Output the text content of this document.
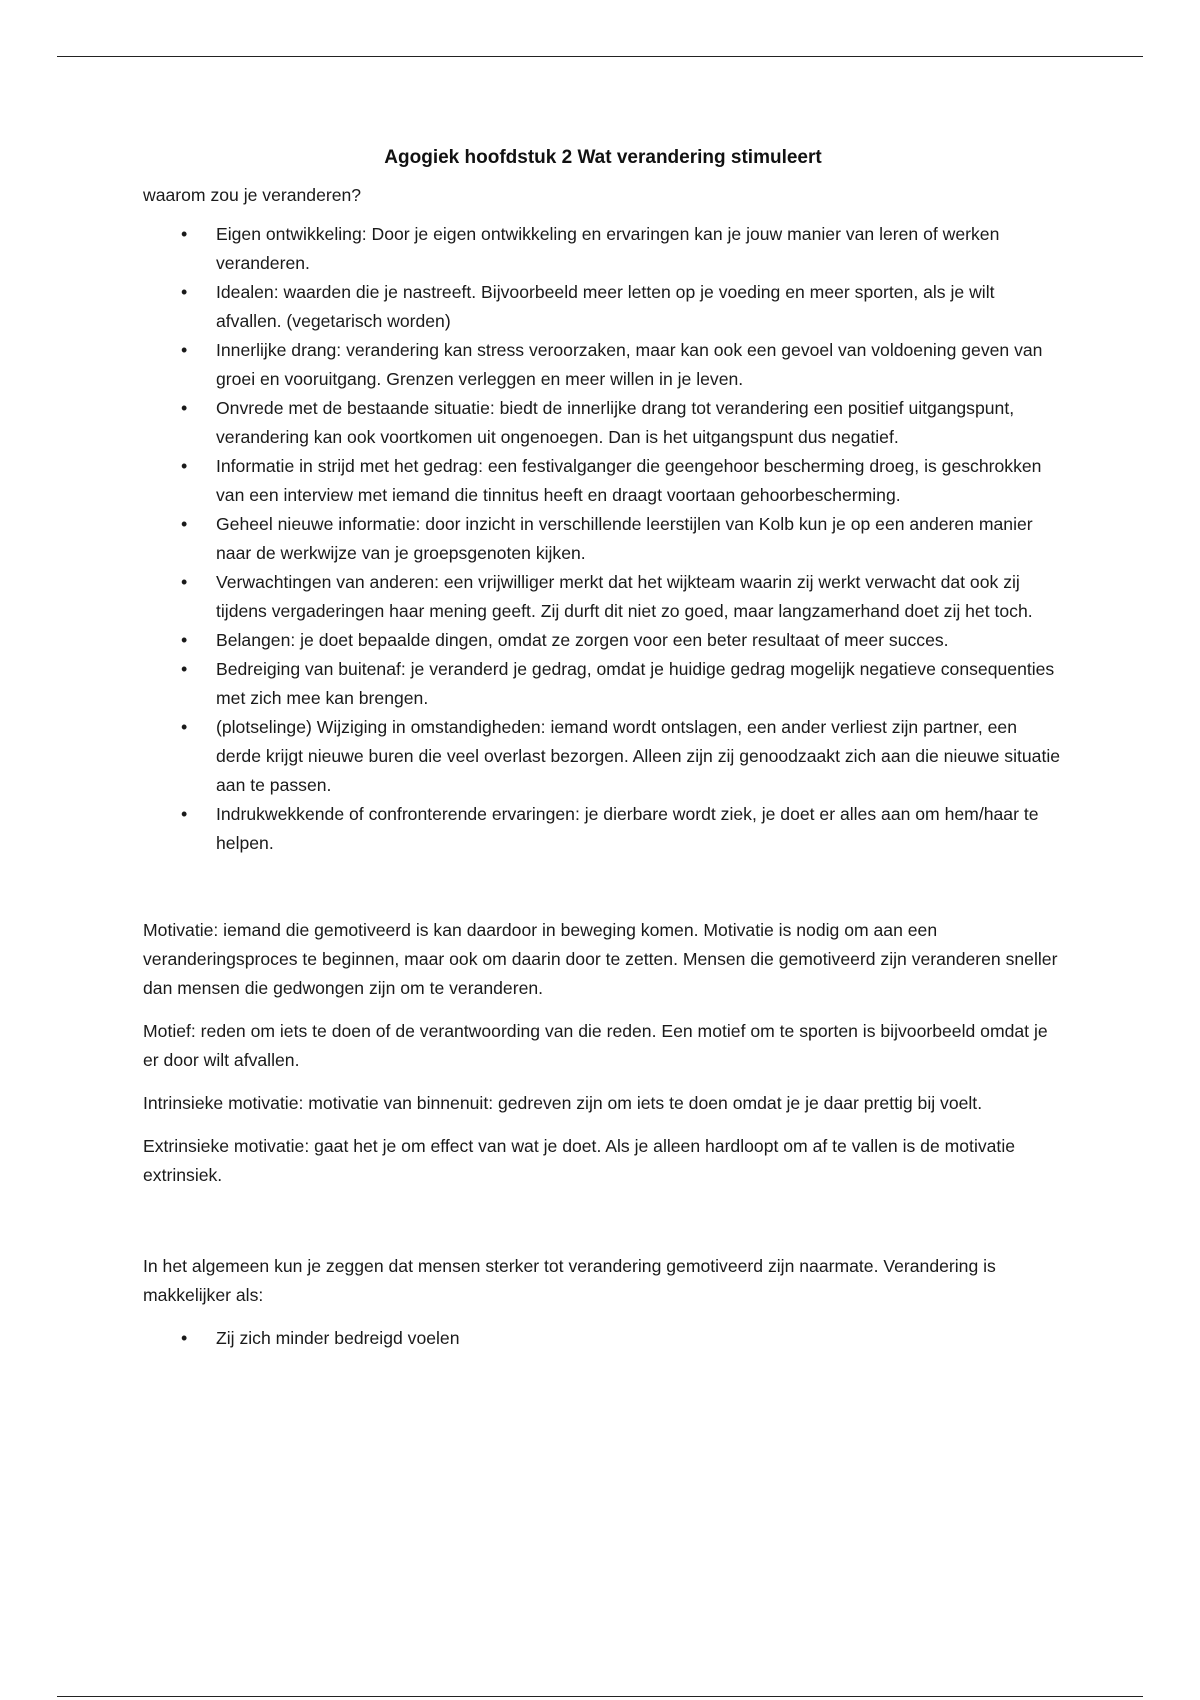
Agogiek hoofdstuk 2 Wat verandering stimuleert

waarom zou je veranderen?

• Eigen ontwikkeling: Door je eigen ontwikkeling en ervaringen kan je jouw manier van leren of werken veranderen.
• Idealen: waarden die je nastreeft. Bijvoorbeeld meer letten op je voeding en meer sporten, als je wilt afvallen. (vegetarisch worden)
• Innerlijke drang: verandering kan stress veroorzaken, maar kan ook een gevoel van voldoening geven van groei en vooruitgang. Grenzen verleggen en meer willen in je leven.
• Onvrede met de bestaande situatie: biedt de innerlijke drang tot verandering een positief uitgangspunt, verandering kan ook voortkomen uit ongenoegen. Dan is het uitgangspunt dus negatief.
• Informatie in strijd met het gedrag: een festivalganger die geengehoor bescherming droeg, is geschrokken van een interview met iemand die tinnitus heeft en draagt voortaan gehoorbescherming.
• Geheel nieuwe informatie: door inzicht in verschillende leerstijlen van Kolb kun je op een anderen manier naar de werkwijze van je groepsgenoten kijken.
• Verwachtingen van anderen: een vrijwilliger merkt dat het wijkteam waarin zij werkt verwacht dat ook zij tijdens vergaderingen haar mening geeft. Zij durft dit niet zo goed, maar langzamerhand doet zij het toch.
• Belangen: je doet bepaalde dingen, omdat ze zorgen voor een beter resultaat of meer succes.
• Bedreiging van buitenaf: je veranderd je gedrag, omdat je huidige gedrag mogelijk negatieve consequenties met zich mee kan brengen.
• (plotselinge) Wijziging in omstandigheden: iemand wordt ontslagen, een ander verliest zijn partner, een derde krijgt nieuwe buren die veel overlast bezorgen. Alleen zijn zij genoodzaakt zich aan die nieuwe situatie aan te passen.
• Indrukwekkende of confronterende ervaringen: je dierbare wordt ziek, je doet er alles aan om hem/haar te helpen.

Motivatie: iemand die gemotiveerd is kan daardoor in beweging komen. Motivatie is nodig om aan een veranderingsproces te beginnen, maar ook om daarin door te zetten. Mensen die gemotiveerd zijn veranderen sneller dan mensen die gedwongen zijn om te veranderen.

Motief: reden om iets te doen of de verantwoording van die reden. Een motief om te sporten is bijvoorbeeld omdat je er door wilt afvallen.

Intrinsieke motivatie: motivatie van binnenuit: gedreven zijn om iets te doen omdat je je daar prettig bij voelt.

Extrinsieke motivatie: gaat het je om effect van wat je doet. Als je alleen hardloopt om af te vallen is de motivatie extrinsiek.

In het algemeen kun je zeggen dat mensen sterker tot verandering gemotiveerd zijn naarmate. Verandering is makkelijker als:

• Zij zich minder bedreigd voelen
